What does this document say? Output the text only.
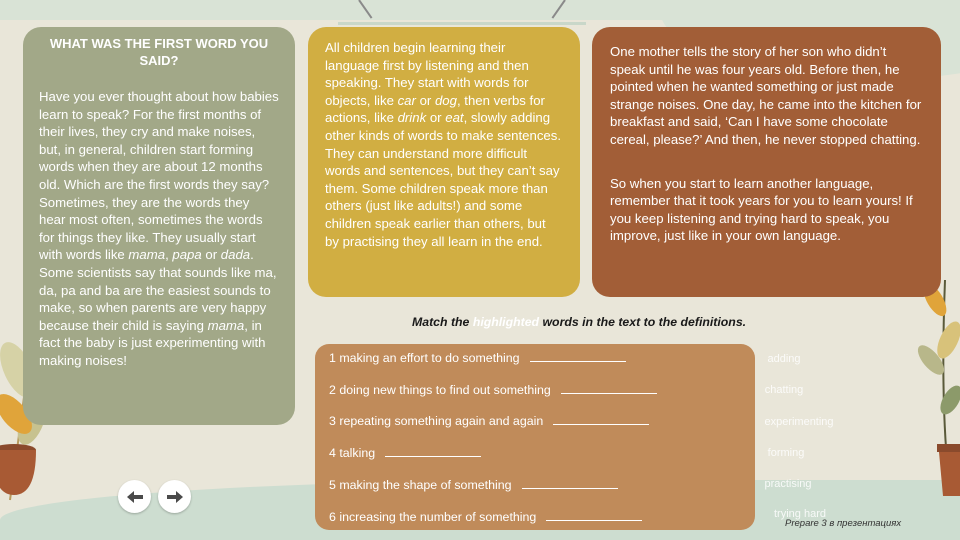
WHAT WAS THE FIRST WORD YOU SAID?

Have you ever thought about how babies learn to speak? For the first months of their lives, they cry and make noises, but, in general, children start forming words when they are about 12 months old. Which are the first words they say? Sometimes, they are the words they hear most often, sometimes the words for things they like. They usually start with words like mama, papa or dada. Some scientists say that sounds like ma, da, pa and ba are the easiest sounds to make, so when parents are very happy because their child is saying mama, in fact the baby is just experimenting with making noises!

All children begin learning their language first by listening and then speaking. They start with words for objects, like car or dog, then verbs for actions, like drink or eat, slowly adding other kinds of words to make sentences. They can understand more difficult words and sentences, but they can’t say them. Some children speak more than others (just like adults!) and some children speak earlier than others, but by practising they all learn in the end.

One mother tells the story of her son who didn’t speak until he was four years old. Before then, he pointed when he wanted something or just made strange noises. One day, he came into the kitchen for breakfast and said, ‘Can I have some chocolate cereal, please?’ And then, he never stopped chatting.

So when you start to learn another language, remember that it took years for you to learn yours! If you keep listening and trying hard to speak, you improve, just like in your own language.

Match the highlighted words in the text to the definitions.
1 making an effort to do something
2 doing new things to find out something
3 repeating something again and again
4 talking
5 making the shape of something
6 increasing the number of something
adding
chatting
experimenting
forming
practising
trying hard
Prepare 3 в презентациях
